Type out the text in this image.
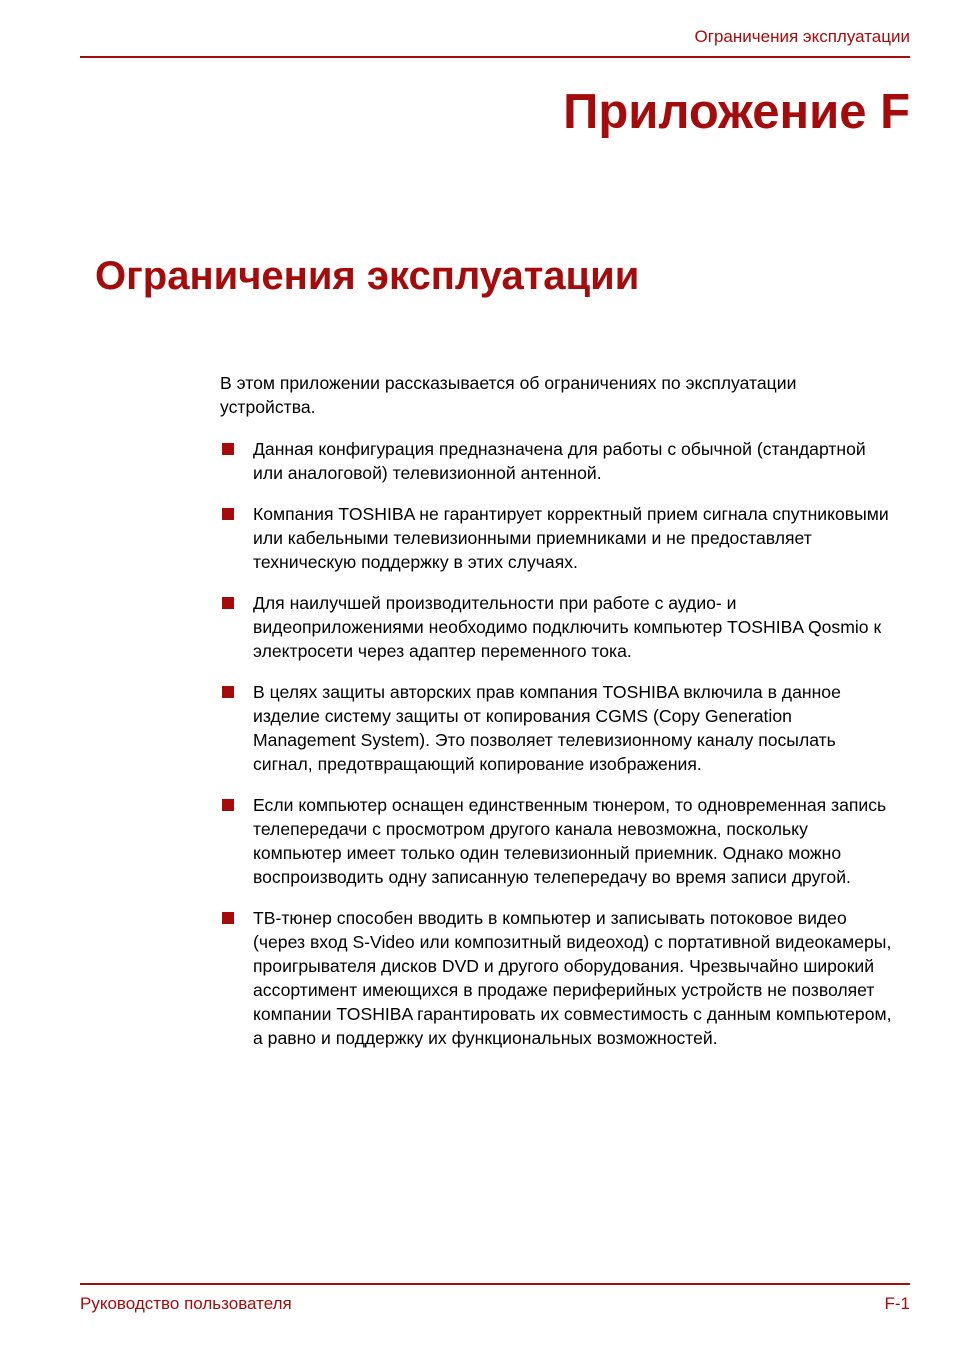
Ограничения эксплуатации
Приложение F
Ограничения эксплуатации

В этом приложении рассказывается об ограничениях по эксплуатации устройства.

Данная конфигурация предназначена для работы с обычной (стандартной или аналоговой) телевизионной антенной.
Компания TOSHIBA не гарантирует корректный прием сигнала спутниковыми или кабельными телевизионными приемниками и не предоставляет техническую поддержку в этих случаях.
Для наилучшей производительности при работе с аудио- и видеоприложениями необходимо подключить компьютер TOSHIBA Qosmio к электросети через адаптер переменного тока.
В целях защиты авторских прав компания TOSHIBA включила в данное изделие систему защиты от копирования CGMS (Copy Generation Management System). Это позволяет телевизионному каналу посылать сигнал, предотвращающий копирование изображения.
Если компьютер оснащен единственным тюнером, то одновременная запись телепередачи с просмотром другого канала невозможна, поскольку компьютер имеет только один телевизионный приемник. Однако можно воспроизводить одну записанную телепередачу во время записи другой.
ТВ-тюнер способен вводить в компьютер и записывать потоковое видео (через вход S-Video или композитный видеоход) с портативной видеокамеры, проигрывателя дисков DVD и другого оборудования. Чрезвычайно широкий ассортимент имеющихся в продаже периферийных устройств не позволяет компании TOSHIBA гарантировать их совместимость с данным компьютером, а равно и поддержку их функциональных возможностей.
Руководство пользователя	F-1
